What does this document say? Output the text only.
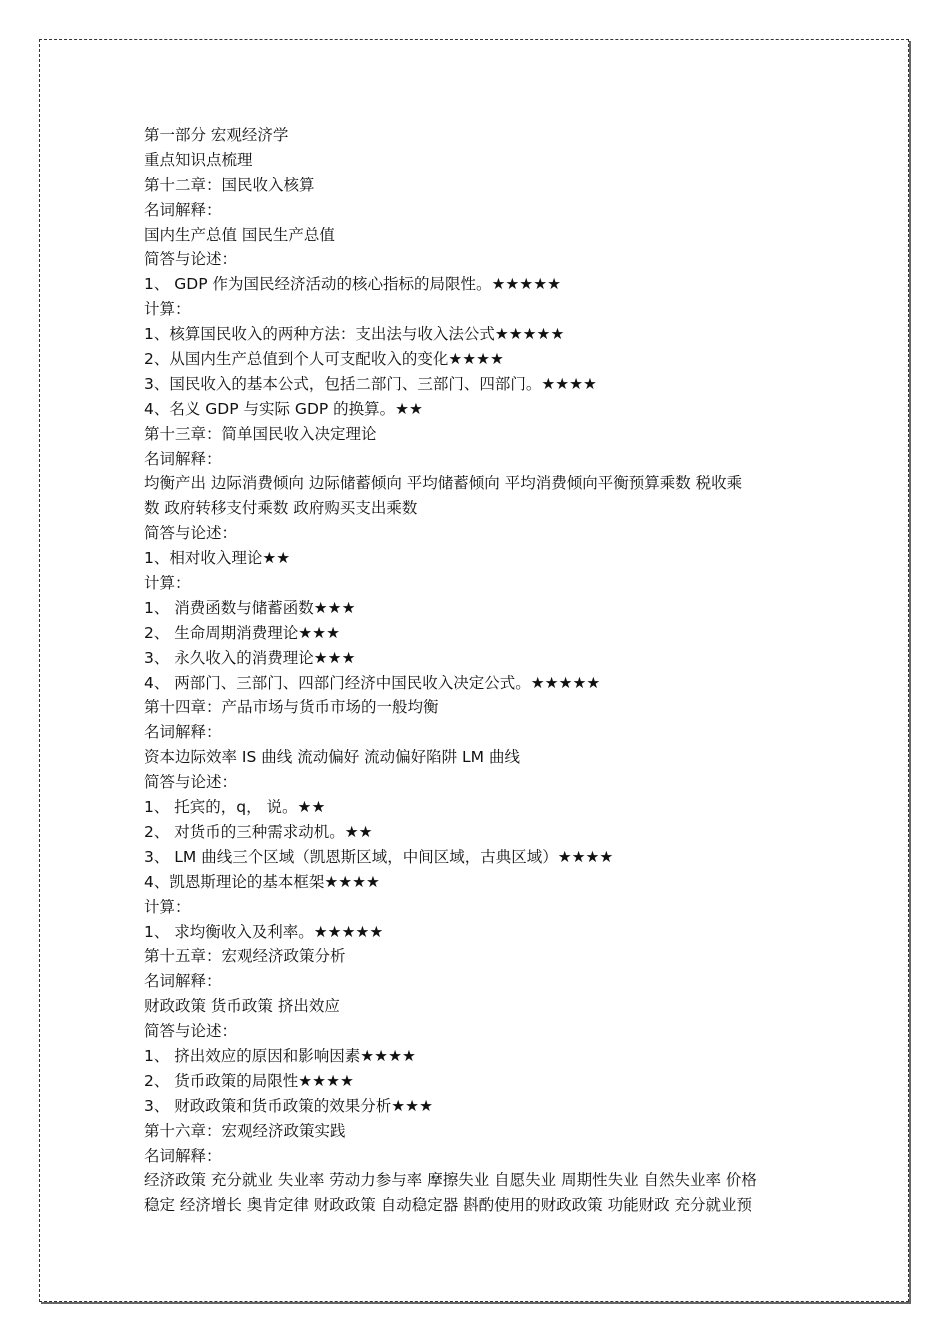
第一部分 宏观经济学
重点知识点梳理
第十二章：国民收入核算
名词解释：
国内生产总值 国民生产总值
简答与论述：
1、 GDP 作为国民经济活动的核心指标的局限性。★★★★★
计算：
1、核算国民收入的两种方法：支出法与收入法公式★★★★★
2、从国内生产总值到个人可支配收入的变化★★★★
3、国民收入的基本公式，包括二部门、三部门、四部门。★★★★
4、名义 GDP 与实际 GDP 的换算。★★
第十三章：简单国民收入决定理论
名词解释：
均衡产出 边际消费倾向 边际储蓄倾向 平均储蓄倾向 平均消费倾向平衡预算乘数 税收乘
数 政府转移支付乘数 政府购买支出乘数
简答与论述：
1、相对收入理论★★
计算：
1、 消费函数与储蓄函数★★★
2、 生命周期消费理论★★★
3、 永久收入的消费理论★★★
4、 两部门、三部门、四部门经济中国民收入决定公式。★★★★★
第十四章：产品市场与货币市场的一般均衡
名词解释：
资本边际效率 IS 曲线 流动偏好 流动偏好陷阱 LM 曲线
简答与论述：
1、 托宾的，q， 说。★★
2、 对货币的三种需求动机。★★
3、 LM 曲线三个区域（凯恩斯区域，中间区域，古典区域）★★★★
4、凯恩斯理论的基本框架★★★★
计算：
1、 求均衡收入及利率。★★★★★
第十五章：宏观经济政策分析
名词解释：
财政政策 货币政策 挤出效应
简答与论述：
1、 挤出效应的原因和影响因素★★★★
2、 货币政策的局限性★★★★
3、 财政政策和货币政策的效果分析★★★
第十六章：宏观经济政策实践
名词解释：
经济政策 充分就业 失业率 劳动力参与率 摩擦失业 自愿失业 周期性失业 自然失业率 价格
稳定 经济增长 奥肯定律 财政政策 自动稳定器 斟酌使用的财政政策 功能财政 充分就业预
